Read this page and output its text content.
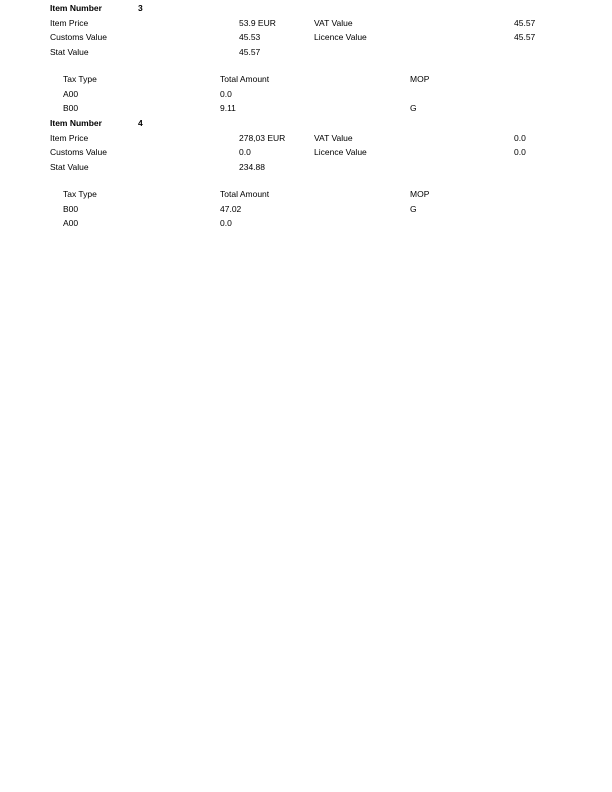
Item Number	3
Item Price	53.9 EUR	VAT Value	45.57
Customs Value	45.53	Licence Value	45.57
Stat Value	45.57
Tax Type	Total Amount	MOP
A00	0.0
B00	9.11	G
Item Number	4
Item Price	278,03 EUR	VAT Value	0.0
Customs Value	0.0	Licence Value	0.0
Stat Value	234.88
Tax Type	Total Amount	MOP
B00	47.02	G
A00	0.0
